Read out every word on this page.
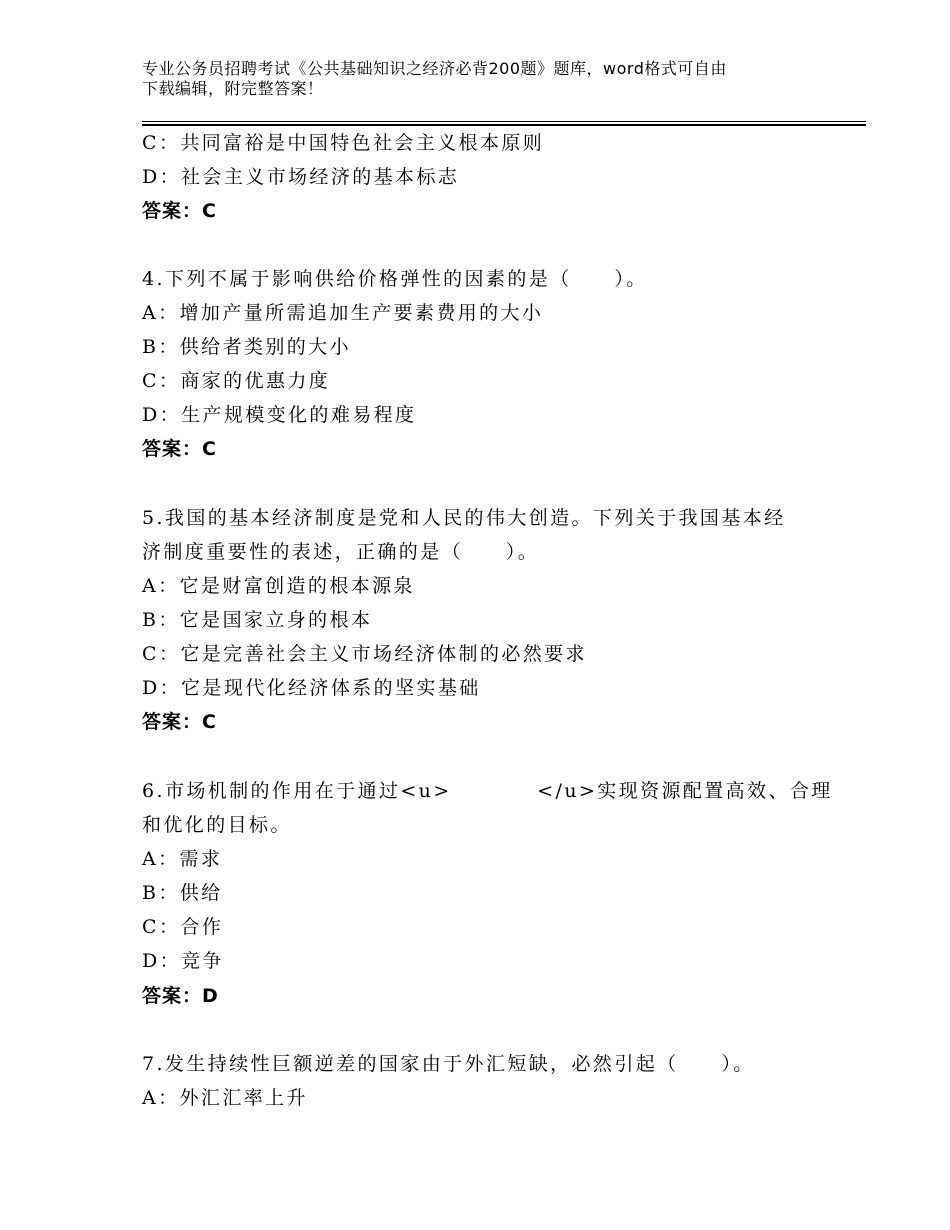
专业公务员招聘考试《公共基础知识之经济必背200题》题库，word格式可自由
下载编辑，附完整答案！
C：共同富裕是中国特色社会主义根本原则
D：社会主义市场经济的基本标志
答案：C
4.下列不属于影响供给价格弹性的因素的是（　　）。
A：增加产量所需追加生产要素费用的大小
B：供给者类别的大小
C：商家的优惠力度
D：生产规模变化的难易程度
答案：C
5.我国的基本经济制度是党和人民的伟大创造。下列关于我国基本经
济制度重要性的表述，正确的是（　　）。
A：它是财富创造的根本源泉
B：它是国家立身的根本
C：它是完善社会主义市场经济体制的必然要求
D：它是现代化经济体系的坚实基础
答案：C
6.市场机制的作用在于通过<u>　　　　</u>实现资源配置高效、合理
和优化的目标。
A：需求
B：供给
C：合作
D：竞争
答案：D
7.发生持续性巨额逆差的国家由于外汇短缺，必然引起（　　）。
A：外汇汇率上升
